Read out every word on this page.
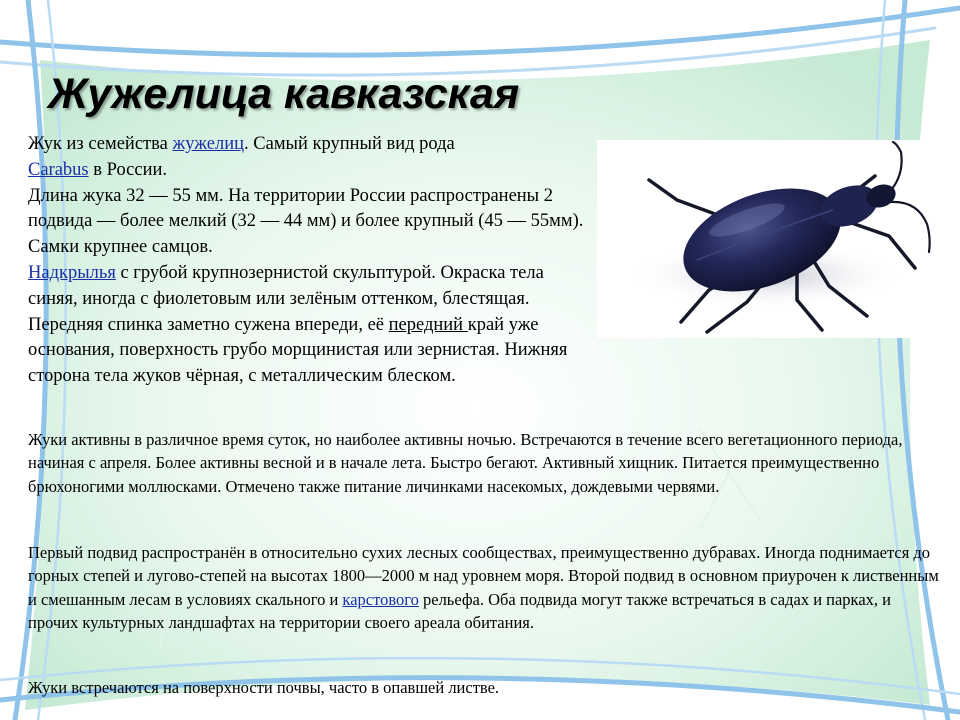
Жужелица кавказская
Жук из семейства жужелиц. Самый крупный вид рода
Carabus в России.
Длина жука 32 — 55 мм. На территории России распространены 2 подвида — более мелкий (32 — 44 мм) и более крупный (45 — 55мм). Самки крупнее самцов.
Надкрылья с грубой крупнозернистой скульптурой. Окраска тела синяя, иногда с фиолетовым или зелёным оттенком, блестящая. Передняя спинка заметно сужена впереди, её передний край уже основания, поверхность грубо морщинистая или зернистая. Нижняя сторона тела жуков чёрная, с металлическим блеском.
Жуки активны в различное время суток, но наиболее активны ночью. Встречаются в течение всего вегетационного периода, начиная с апреля. Более активны весной и в начале лета. Быстро бегают. Активный хищник. Питается преимущественно брюхоногими моллюсками. Отмечено также питание личинками насекомых, дождевыми червями.
Первый подвид распространён в относительно сухих лесных сообществах, преимущественно дубравах. Иногда поднимается до горных степей и лугово-степей на высотах 1800—2000 м над уровнем моря. Второй подвид в основном приурочен к лиственным и смешанным лесам в условиях скального и карстового рельефа. Оба подвида могут также встречаться в садах и парках, и прочих культурных ландшафтах на территории своего ареала обитания.
Жуки встречаются на поверхности почвы, часто в опавшей листве.
